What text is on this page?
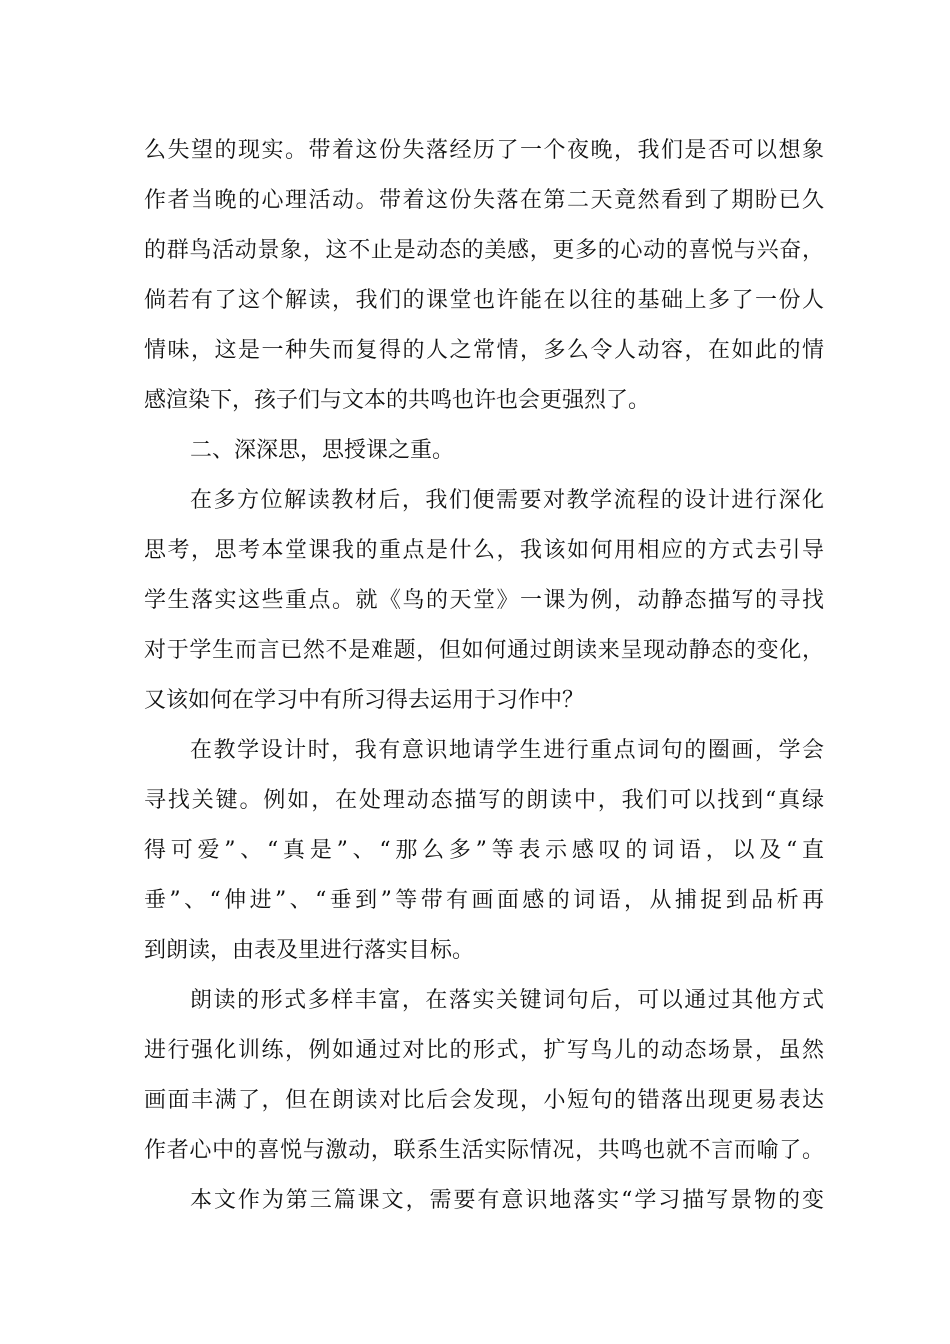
么失望的现实。带着这份失落经历了一个夜晚，我们是否可以想象
作者当晚的心理活动。带着这份失落在第二天竟然看到了期盼已久
的群鸟活动景象，这不止是动态的美感，更多的心动的喜悦与兴奋，
倘若有了这个解读，我们的课堂也许能在以往的基础上多了一份人
情味，这是一种失而复得的人之常情，多么令人动容，在如此的情
感渲染下，孩子们与文本的共鸣也许也会更强烈了。
二、深深思，思授课之重。
在多方位解读教材后，我们便需要对教学流程的设计进行深化
思考，思考本堂课我的重点是什么，我该如何用相应的方式去引导
学生落实这些重点。就《鸟的天堂》一课为例，动静态描写的寻找
对于学生而言已然不是难题，但如何通过朗读来呈现动静态的变化，
又该如何在学习中有所习得去运用于习作中？
在教学设计时，我有意识地请学生进行重点词句的圈画，学会
寻找关键。例如，在处理动态描写的朗读中，我们可以找到“真绿
得可爱”、“真是”、“那么多”等表示感叹的词语，以及“直
垂”、“伸进”、“垂到”等带有画面感的词语，从捕捉到品析再
到朗读，由表及里进行落实目标。
朗读的形式多样丰富，在落实关键词句后，可以通过其他方式
进行强化训练，例如通过对比的形式，扩写鸟儿的动态场景，虽然
画面丰满了，但在朗读对比后会发现，小短句的错落出现更易表达
作者心中的喜悦与激动，联系生活实际情况，共鸣也就不言而喻了。
本文作为第三篇课文，需要有意识地落实“学习描写景物的变
